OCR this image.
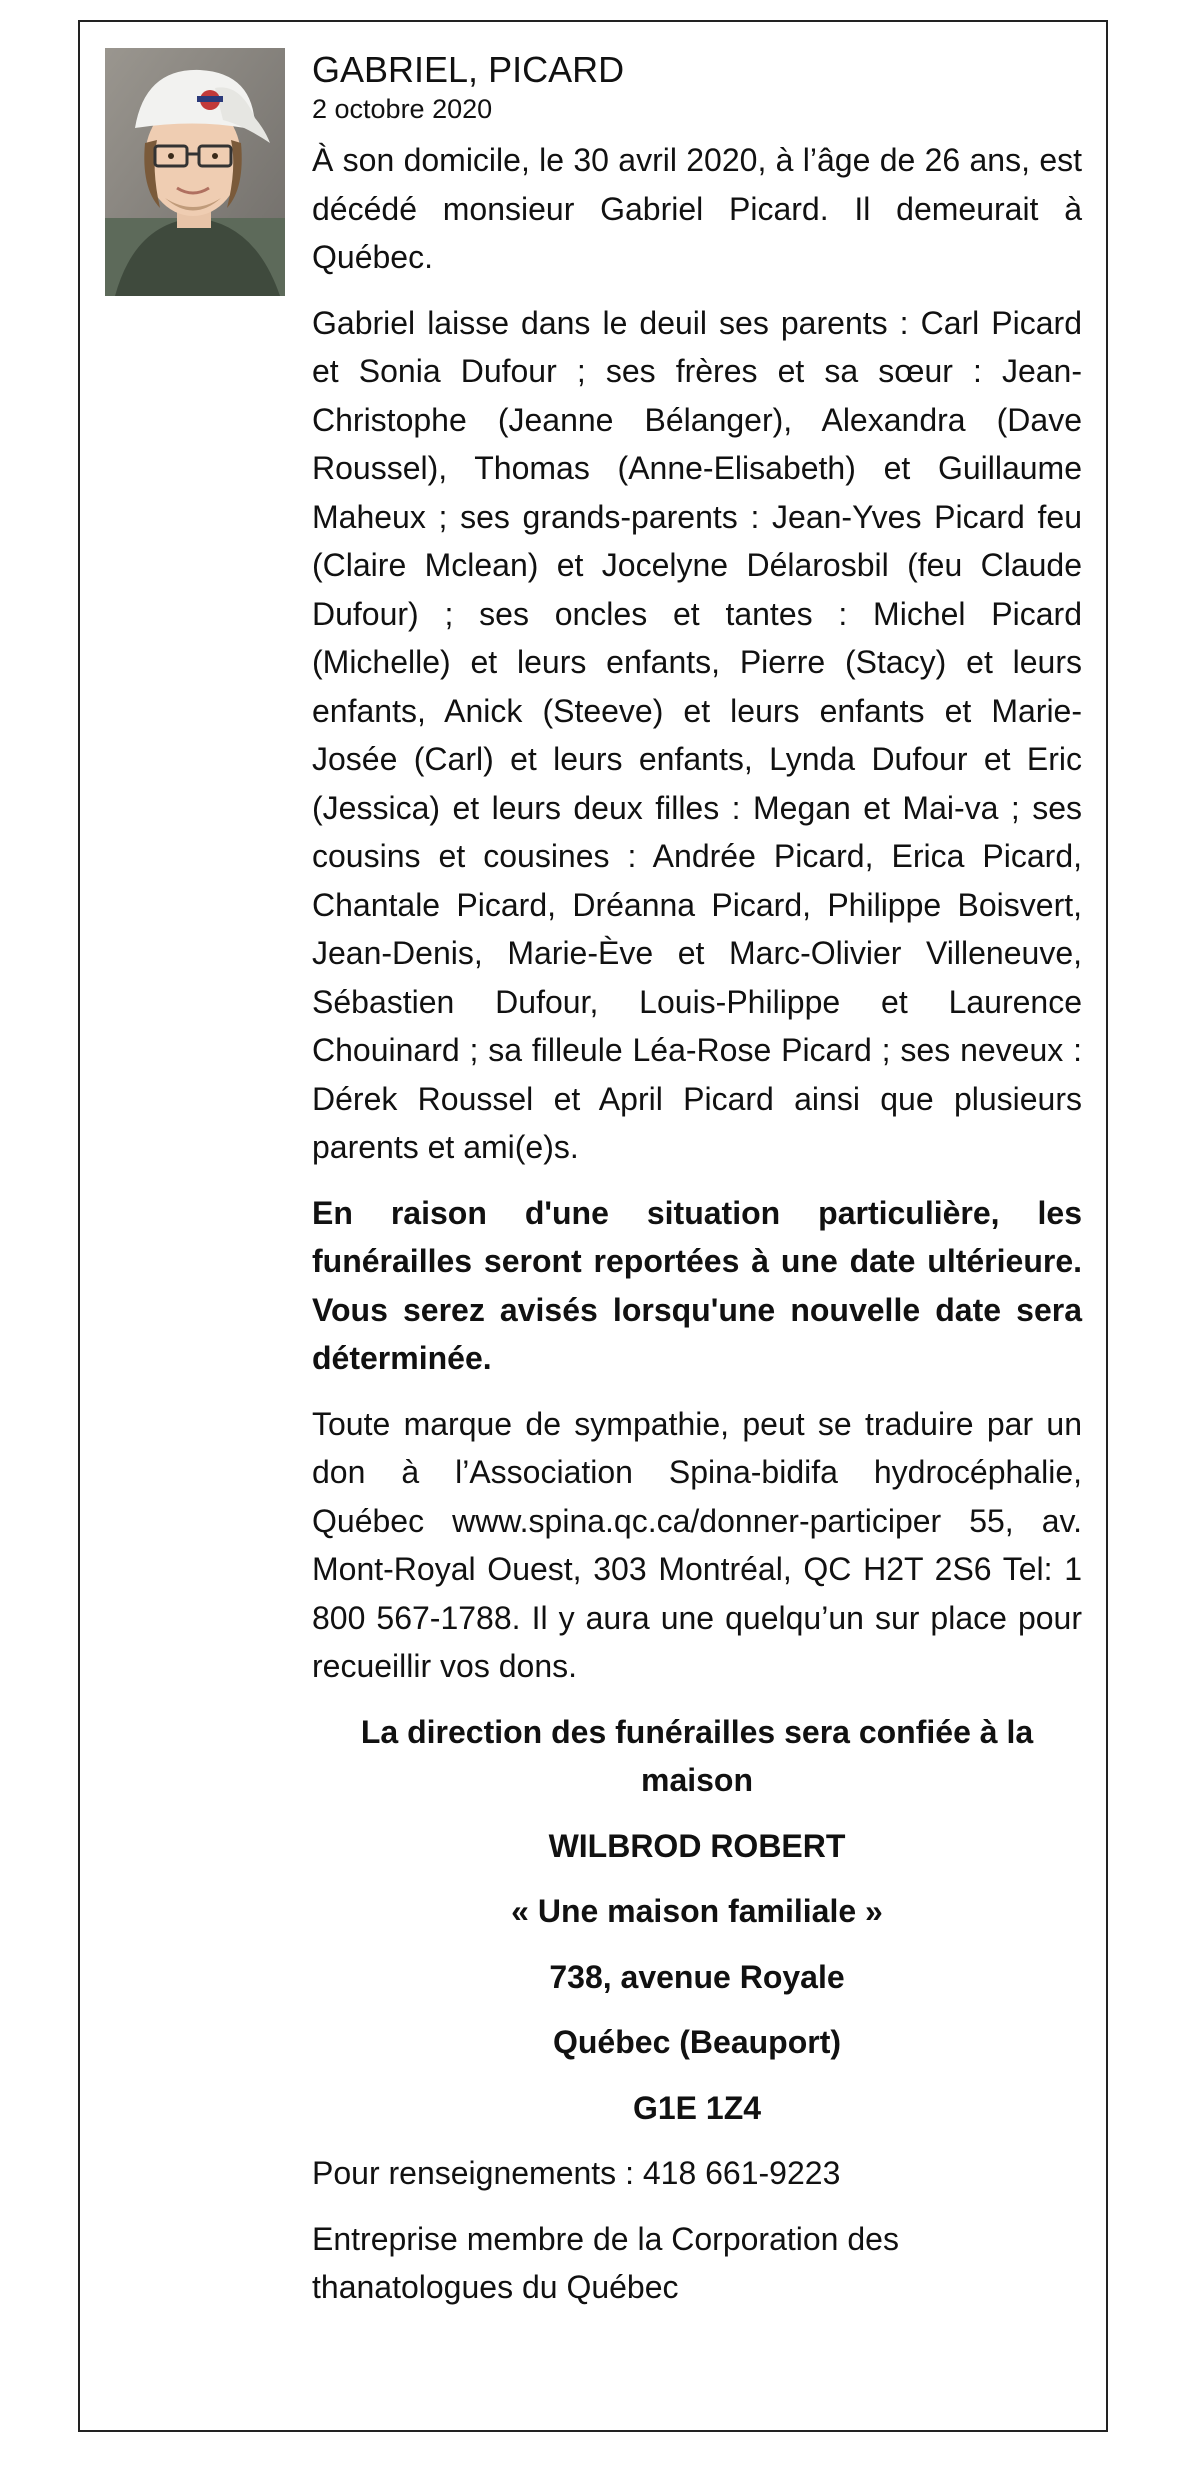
GABRIEL, PICARD
2 octobre 2020

À son domicile, le 30 avril 2020, à l’âge de 26 ans, est décédé monsieur Gabriel Picard. Il demeurait à Québec.

Gabriel laisse dans le deuil ses parents : Carl Picard et Sonia Dufour ; ses frères et sa sœur : Jean-Christophe (Jeanne Bélanger), Alexandra (Dave Roussel), Thomas (Anne-Elisabeth) et Guillaume Maheux ; ses grands-parents : Jean-Yves Picard feu (Claire Mclean) et Jocelyne Délarosbil (feu Claude Dufour) ; ses oncles et tantes : Michel Picard (Michelle) et leurs enfants, Pierre (Stacy) et leurs enfants, Anick (Steeve) et leurs enfants et Marie-Josée (Carl) et leurs enfants, Lynda Dufour et Eric (Jessica) et leurs deux filles : Megan et Mai-va ; ses cousins et cousines : Andrée Picard, Erica Picard, Chantale Picard, Dréanna Picard, Philippe Boisvert, Jean-Denis, Marie-Ève et Marc-Olivier Villeneuve, Sébastien Dufour, Louis-Philippe et Laurence Chouinard ; sa filleule Léa-Rose Picard ; ses neveux : Dérek Roussel et April Picard ainsi que plusieurs parents et ami(e)s.

En raison d'une situation particulière, les funérailles seront reportées à une date ultérieure. Vous serez avisés lorsqu'une nouvelle date sera déterminée.

Toute marque de sympathie, peut se traduire par un don à l’Association Spina-bidifa hydrocéphalie, Québec www.spina.qc.ca/donner-participer 55, av. Mont-Royal Ouest, 303 Montréal, QC H2T 2S6 Tel: 1 800 567-1788. Il y aura une quelqu’un sur place pour recueillir vos dons.

La direction des funérailles sera confiée à la maison

WILBROD ROBERT

« Une maison familiale »

738, avenue Royale

Québec (Beauport)

G1E 1Z4

Pour renseignements : 418 661-9223

Entreprise membre de la Corporation des thanatologues du Québec
